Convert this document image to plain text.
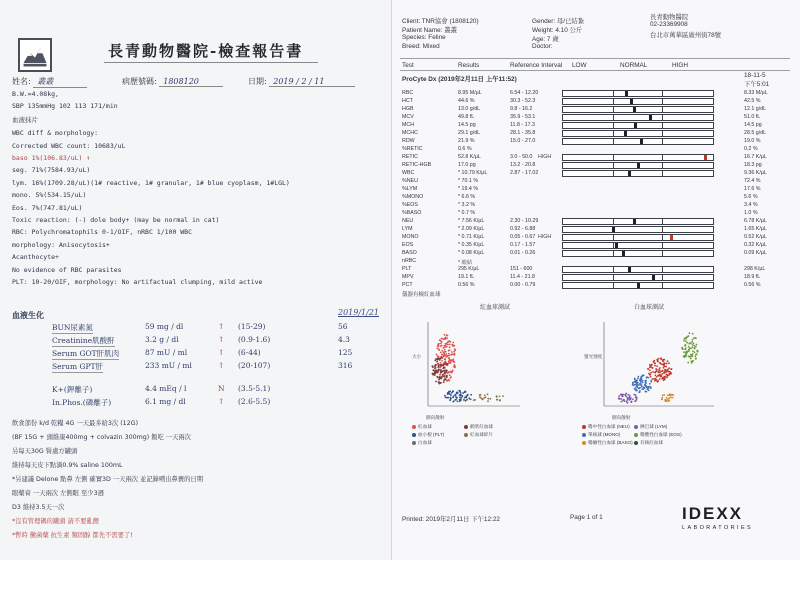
長青動物醫院-檢查報告書
姓名: 叢叢	病歷號碼: 1808120	日期: 2019 / 2 / 11
B.W.=4.08kg,
SBP 135mmHg 102 113 171/min
血液抹片
WBC diff & morphology:
Corrected WBC count: 10683/uL
baso 1%(106.83/uL) ↑
seg. 71%(7584.93/uL)
lym. 16%(1709.28/uL)(1# reactive, 1# granular, 1# blue cyoplasm, 1#LGL)
mono. 5%(534.15/uL)
Eos. 7%(747.81/uL)
Toxic reaction: (-) dole body+ (may be normal in cat)
RBC: Polychromatophils 0-1/OIF, nRBC 1/100 WBC
morphology: Anisocytosis+
Acanthocyte+
No evidence of RBC parasites
PLT: 10-20/OIF, morphology: No artifactual clumping, mild active
血液生化	2019/1/21
BUN尿素氮	59 mg / dl	↑ (15-29)	56
Creatinine肌酸酐	3.2 g / dl	↑ (0.9-1.6)	4.3
Serum GOT肝肌肉	87 mU / ml	↑ (6-44)	125
Serum GPT肝	233 mU / ml	↑ (20-107)	316
K+(鉀離子)	4.4 mEq / l	N (3.5-5.1)
In.Phos.(磷離子)	6.1 mg / dl	↑ (2.6-5.5)
飲食部份 k/d 乾糧 4G 一天最多給3次 (12G)
(BF 15G + 頭維康400mg + colvazin 300mg) 飯吃 一天兩次
另每天30G 腎處方罐頭
維持每天皮下點滴0.9% saline 100mL
*另建議 Delone 點鼻 左側 確實3D 一天兩次 並記錄噴出鼻竇的日期
眼藥膏 一天兩次 左側眼 至少3週
D3 維持3.5天一次
*沒有管理碼的罐頭 請不要亂餵
*暫時 黴菌藥 抗生素 類固醇 都先不需要了!
Client: TNR協會 (1808120)
Patient Name: 叢叢
Species: Feline
Breed: Mixed
Gender: 母/已結紮
Weight: 4.10 公斤
Age: 7 歲
Doctor:
長青動物醫院
02-23369908
台北市萬華區廣州街78號
Test	Results	Reference Interval LOW	NORMAL	HIGH
ProCyte Dx (2019年2月11日 上午11:52)
18-11-5
下午5:01
RBC	8.95 M/μL	6.54 - 12.20	8.33 M/μL
HCT	44.6 %	30.3 - 52.3	42.5 %
HGB	13.0 g/dL	9.8 - 16.2	12.1 g/dL
MCV	49.8 fL	35.9 - 53.1	51.0 fL
MCH	14.5 pg	11.8 - 17.3	14.5 pg
MCHC	29.1 g/dL	28.1 - 35.8	28.5 g/dL
RDW	21.9 %	15.0 - 27.0	19.0 %
%RETIC	0.6 %	0.2 %
RETIC	52.8 K/μL	3.0 - 50.0 HIGH	16.7 K/μL
RETIC-HGB	17.0 pg	13.2 - 20.8	18.3 pg
WBC	* 10.79 K/μL	2.87 - 17.02	9.36 K/μL
%NEU	* 70.1 %	72.4 %
%LYM	* 19.4 %	17.6 %
%MONO	* 6.6 %	5.6 %
%EOS	* 3.2 %	3.4 %
%BASO	* 0.7 %	1.0 %
NEU	* 7.56 K/μL	2.30 - 10.29	6.78 K/μL
LYM	* 2.09 K/μL	0.92 - 6.88	1.65 K/μL
MONO	* 0.71 K/μL	0.05 - 0.67 HIGH	0.52 K/μL
EOS	* 0.35 K/μL	0.17 - 1.57	0.32 K/μL
BASO	* 0.08 K/μL	0.01 - 0.26	0.09 K/μL
nRBC	* 眼結
PLT	295 K/μL	151 - 600	298 K/μL
MPV	19.1 fL	11.4 - 21.8	18.9 fL
PCT	0.56 %	0.00 - 0.79	0.56 %
儀器有檢紅血球
紅血球測試	白血球測試
側向散射
大小
側向散射
螢光強度
紅血球	網狀紅血球
血小板 (PLT)	紅血球碎片
白血球
嗜中性白血球 (NEU)	淋巴球 (LYM)
單核球 (MONO)	嗜酸性白血球 (EOS)
嗜鹼性白血球 (BASO)	有核紅血球
Printed: 2019年2月11日 下午12:22	Page 1 of 1	IDEXX
LABORATORIES
